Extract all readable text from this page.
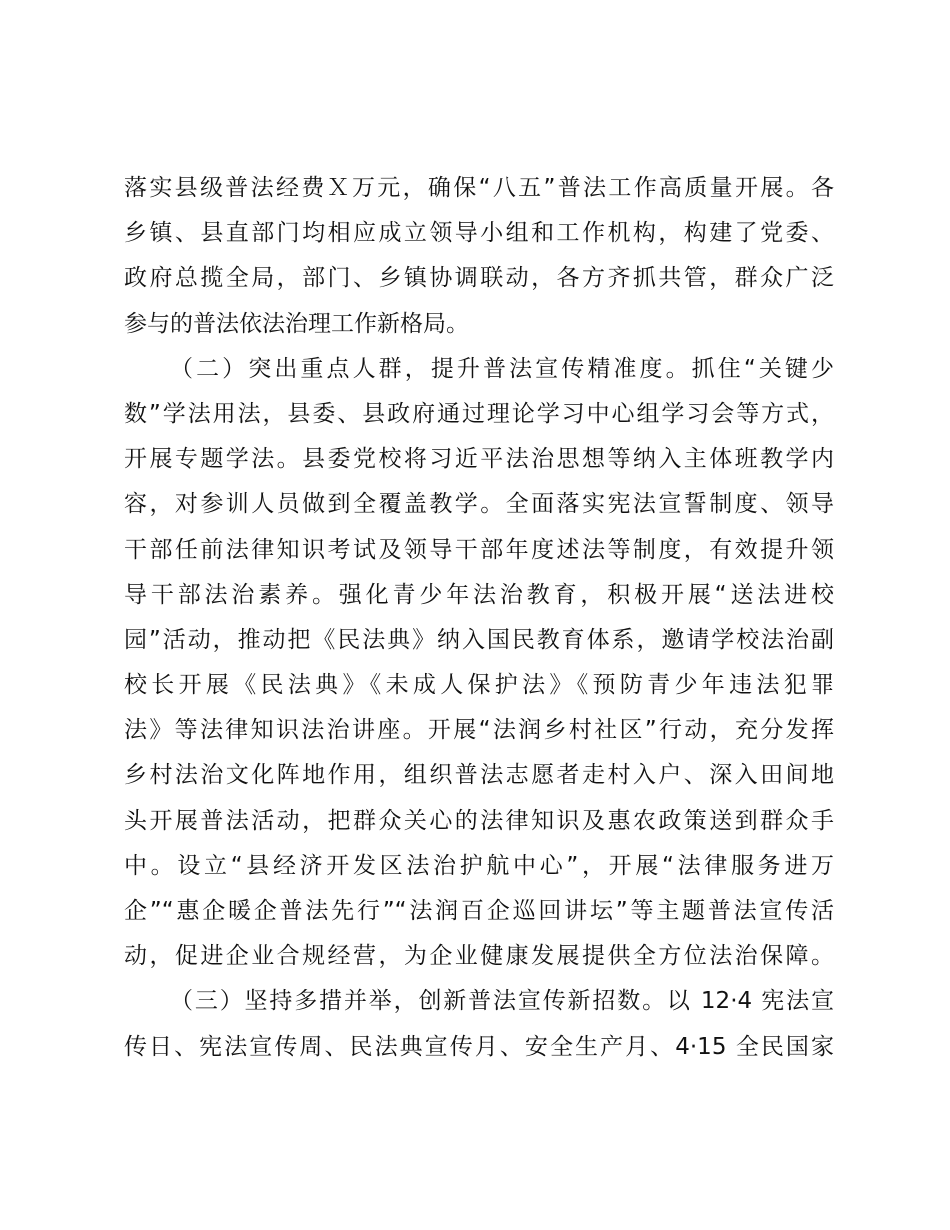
落实县级普法经费Ｘ万元，确保“八五”普法工作高质量开展。各
乡镇、县直部门均相应成立领导小组和工作机构，构建了党委、
政府总揽全局，部门、乡镇协调联动，各方齐抓共管，群众广泛
参与的普法依法治理工作新格局。
（二）突出重点人群，提升普法宣传精准度。抓住“关键少
数”学法用法，县委、县政府通过理论学习中心组学习会等方式，
开展专题学法。县委党校将习近平法治思想等纳入主体班教学内
容，对参训人员做到全覆盖教学。全面落实宪法宣誓制度、领导
干部任前法律知识考试及领导干部年度述法等制度，有效提升领
导干部法治素养。强化青少年法治教育，积极开展“送法进校
园”活动，推动把《民法典》纳入国民教育体系，邀请学校法治副
校长开展《民法典》《未成人保护法》《预防青少年违法犯罪
法》等法律知识法治讲座。开展“法润乡村社区”行动，充分发挥
乡村法治文化阵地作用，组织普法志愿者走村入户、深入田间地
头开展普法活动，把群众关心的法律知识及惠农政策送到群众手
中。设立“县经济开发区法治护航中心”，开展“法律服务进万
企”“惠企暖企普法先行”“法润百企巡回讲坛”等主题普法宣传活
动，促进企业合规经营，为企业健康发展提供全方位法治保障。
（三）坚持多措并举，创新普法宣传新招数。以 12·4 宪法宣
传日、宪法宣传周、民法典宣传月、安全生产月、4·15 全民国家
